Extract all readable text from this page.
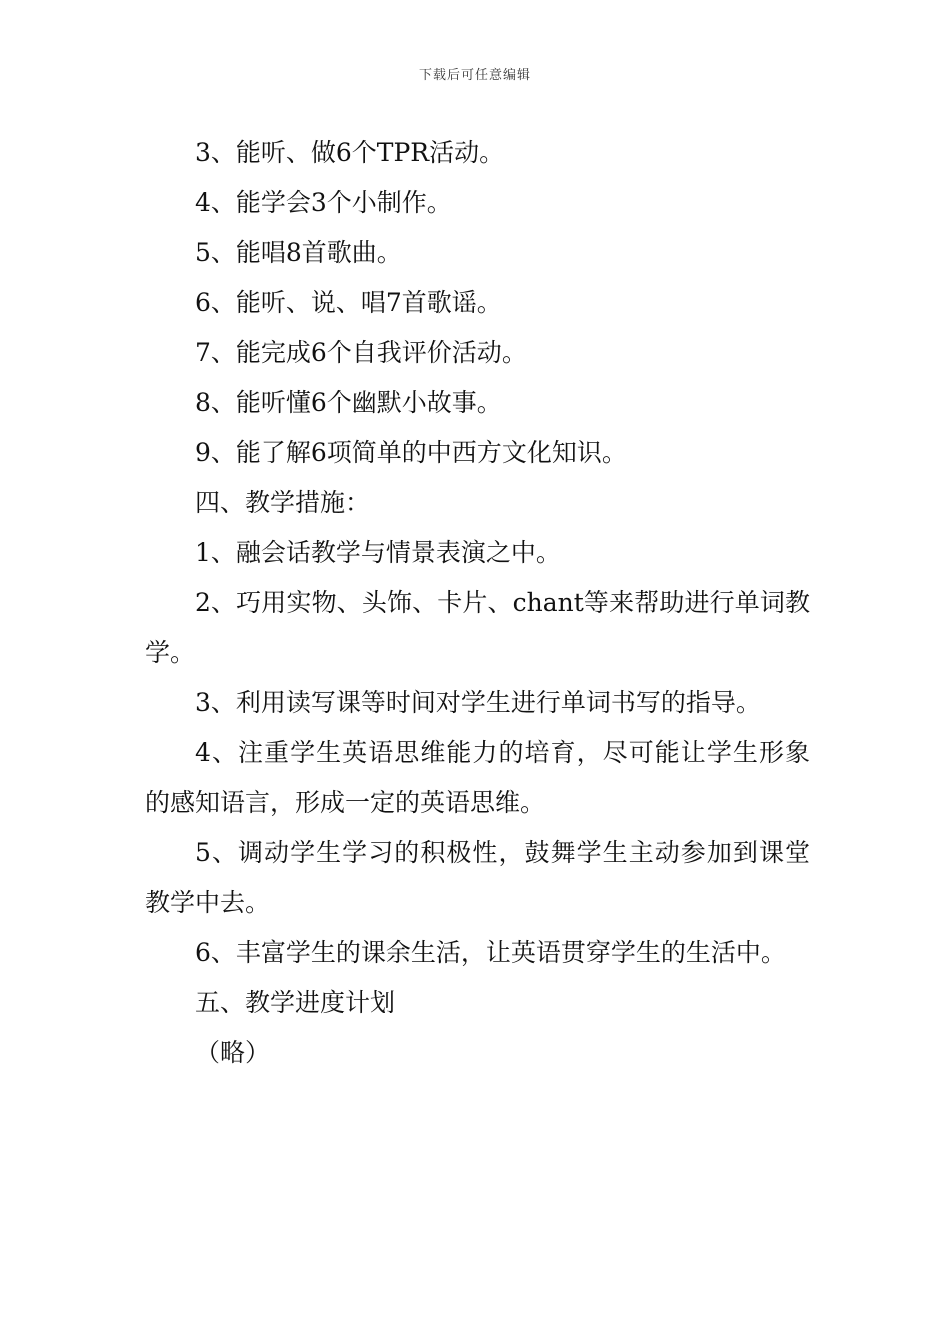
下载后可任意编辑

3、能听、做6个TPR活动。

4、能学会3个小制作。

5、能唱8首歌曲。

6、能听、说、唱7首歌谣。

7、能完成6个自我评价活动。

8、能听懂6个幽默小故事。

9、能了解6项简单的中西方文化知识。

四、教学措施：

1、融会话教学与情景表演之中。

2、巧用实物、头饰、卡片、chant等来帮助进行单词教学。

3、利用读写课等时间对学生进行单词书写的指导。

4、注重学生英语思维能力的培育，尽可能让学生形象的感知语言，形成一定的英语思维。

5、调动学生学习的积极性，鼓舞学生主动参加到课堂教学中去。

6、丰富学生的课余生活，让英语贯穿学生的生活中。

五、教学进度计划

（略）
